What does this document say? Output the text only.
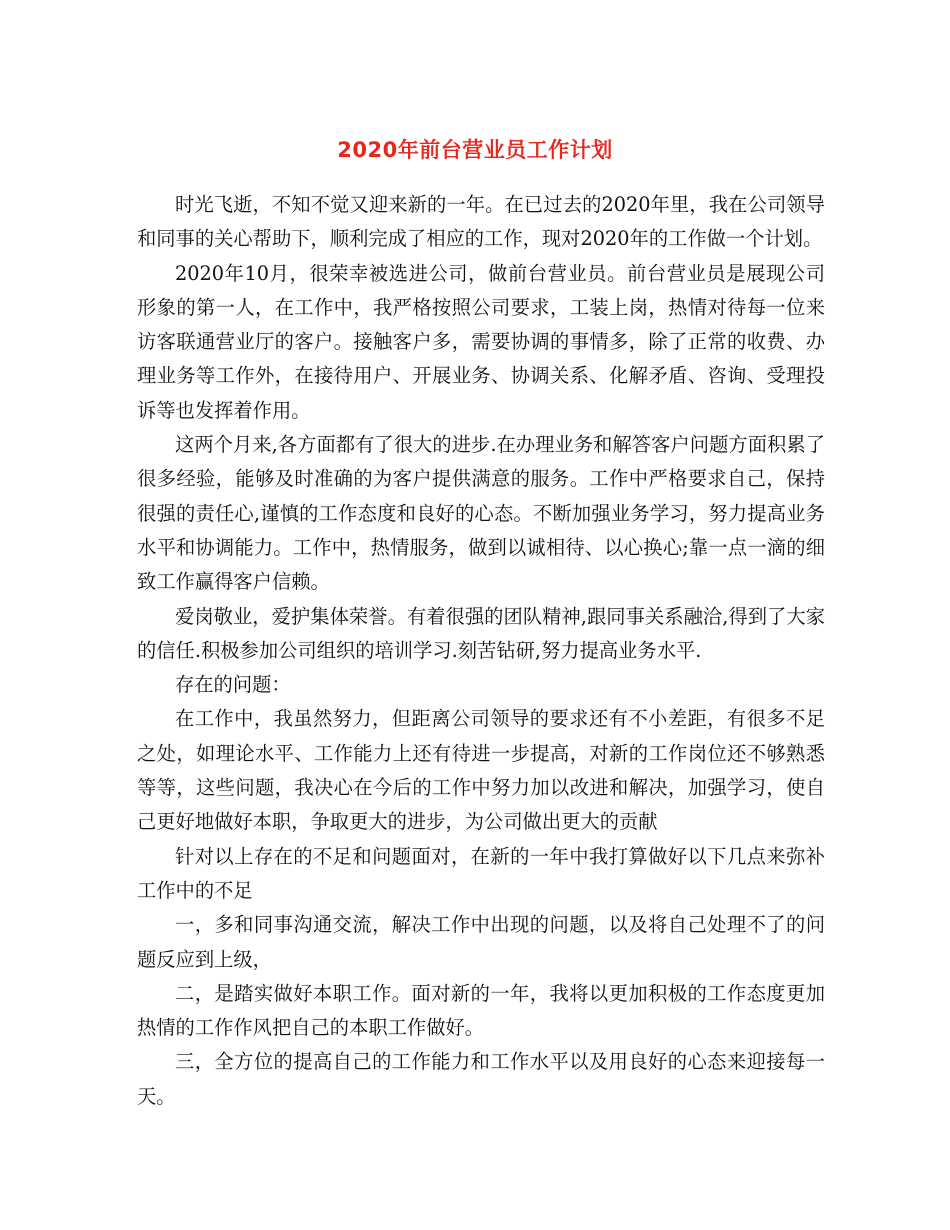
2020年前台营业员工作计划

时光飞逝，不知不觉又迎来新的一年。在已过去的2020年里，我在公司领导和同事的关心帮助下，顺利完成了相应的工作，现对2020年的工作做一个计划。

2020年10月，很荣幸被选进公司，做前台营业员。前台营业员是展现公司形象的第一人，在工作中，我严格按照公司要求，工装上岗，热情对待每一位来访客联通营业厅的客户。接触客户多，需要协调的事情多，除了正常的收费、办理业务等工作外，在接待用户、开展业务、协调关系、化解矛盾、咨询、受理投诉等也发挥着作用。

这两个月来,各方面都有了很大的进步.在办理业务和解答客户问题方面积累了很多经验，能够及时准确的为客户提供满意的服务。工作中严格要求自己，保持很强的责任心,谨慎的工作态度和良好的心态。不断加强业务学习，努力提高业务水平和协调能力。工作中，热情服务，做到以诚相待、以心换心;靠一点一滴的细致工作赢得客户信赖。

爱岗敬业，爱护集体荣誉。有着很强的团队精神,跟同事关系融洽,得到了大家的信任.积极参加公司组织的培训学习.刻苦钻研,努力提高业务水平.

存在的问题：

在工作中，我虽然努力，但距离公司领导的要求还有不小差距，有很多不足之处，如理论水平、工作能力上还有待进一步提高，对新的工作岗位还不够熟悉等等，这些问题，我决心在今后的工作中努力加以改进和解决，加强学习，使自己更好地做好本职，争取更大的进步，为公司做出更大的贡献

针对以上存在的不足和问题面对，在新的一年中我打算做好以下几点来弥补工作中的不足

一，多和同事沟通交流，解决工作中出现的问题，以及将自己处理不了的问题反应到上级，

二，是踏实做好本职工作。面对新的一年，我将以更加积极的工作态度更加热情的工作作风把自己的本职工作做好。

三，全方位的提高自己的工作能力和工作水平以及用良好的心态来迎接每一天。
